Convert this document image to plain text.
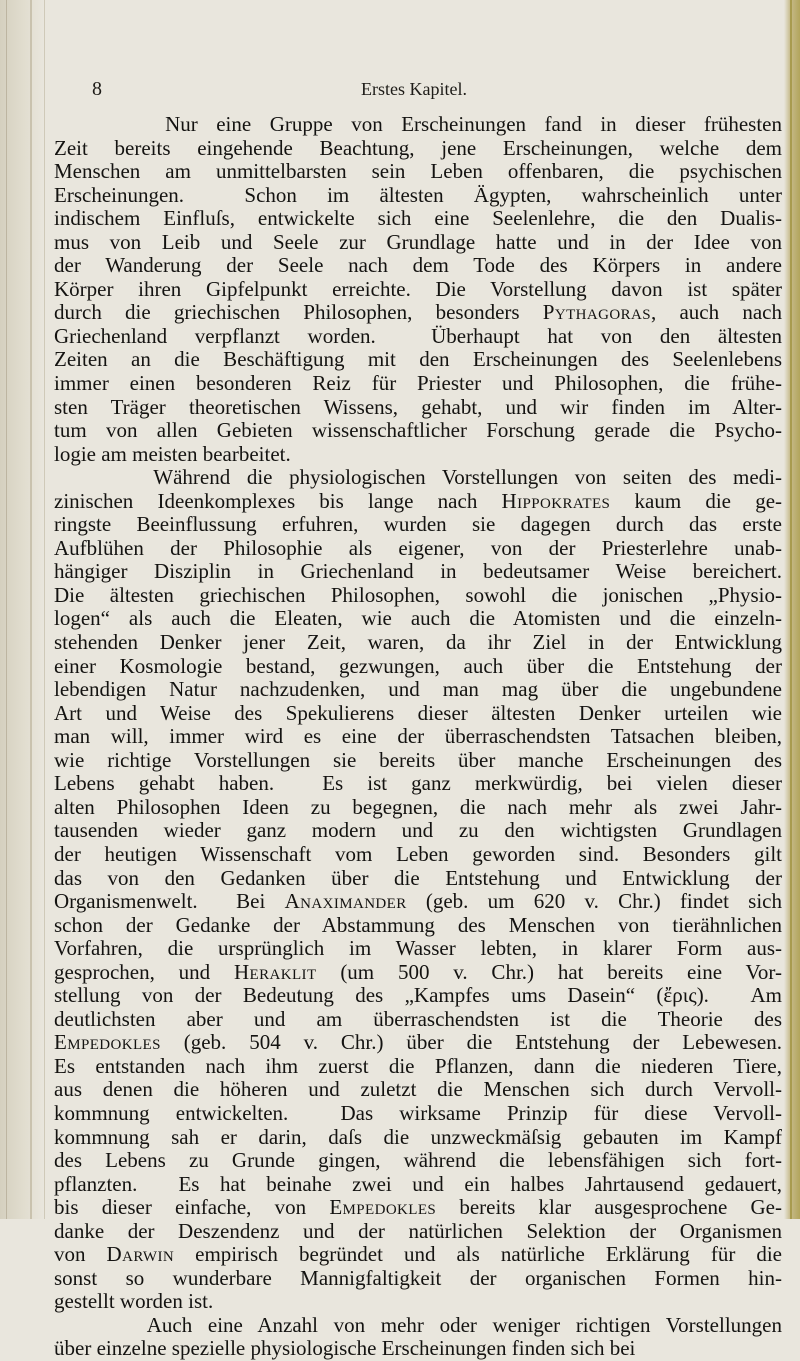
8	Erstes Kapitel.
Nur eine Gruppe von Erscheinungen fand in dieser frühesten
Zeit bereits eingehende Beachtung, jene Erscheinungen, welche dem
Menschen am unmittelbarsten sein Leben offenbaren, die psychischen
Erscheinungen.  Schon im ältesten Ägypten, wahrscheinlich unter
indischem Einfluſs, entwickelte sich eine Seelenlehre, die den Dualis-
mus von Leib und Seele zur Grundlage hatte und in der Idee von
der Wanderung der Seele nach dem Tode des Körpers in andere
Körper ihren Gipfelpunkt erreichte. Die Vorstellung davon ist später
durch die griechischen Philosophen, besonders Pythagoras, auch nach
Griechenland verpflanzt worden.  Überhaupt hat von den ältesten
Zeiten an die Beschäftigung mit den Erscheinungen des Seelenlebens
immer einen besonderen Reiz für Priester und Philosophen, die frühe-
sten Träger theoretischen Wissens, gehabt, und wir finden im Alter-
tum von allen Gebieten wissenschaftlicher Forschung gerade die Psycho-
logie am meisten bearbeitet.
Während die physiologischen Vorstellungen von seiten des medi-
zinischen Ideenkomplexes bis lange nach Hippokrates kaum die ge-
ringste Beeinflussung erfuhren, wurden sie dagegen durch das erste
Aufblühen der Philosophie als eigener, von der Priesterlehre unab-
hängiger Disziplin in Griechenland in bedeutsamer Weise bereichert.
Die ältesten griechischen Philosophen, sowohl die jonischen „Physio-
logen“ als auch die Eleaten, wie auch die Atomisten und die einzeln-
stehenden Denker jener Zeit, waren, da ihr Ziel in der Entwicklung
einer Kosmologie bestand, gezwungen, auch über die Entstehung der
lebendigen Natur nachzudenken, und man mag über die ungebundene
Art und Weise des Spekulierens dieser ältesten Denker urteilen wie
man will, immer wird es eine der überraschendsten Tatsachen bleiben,
wie richtige Vorstellungen sie bereits über manche Erscheinungen des
Lebens gehabt haben.  Es ist ganz merkwürdig, bei vielen dieser
alten Philosophen Ideen zu begegnen, die nach mehr als zwei Jahr-
tausenden wieder ganz modern und zu den wichtigsten Grundlagen
der heutigen Wissenschaft vom Leben geworden sind. Besonders gilt
das von den Gedanken über die Entstehung und Entwicklung der
Organismenwelt.  Bei Anaximander (geb. um 620 v. Chr.) findet sich
schon der Gedanke der Abstammung des Menschen von tierähnlichen
Vorfahren, die ursprünglich im Wasser lebten, in klarer Form aus-
gesprochen, und Heraklit (um 500 v. Chr.) hat bereits eine Vor-
stellung von der Bedeutung des „Kampfes ums Dasein“ (ἔρις).  Am
deutlichsten aber und am überraschendsten ist die Theorie des
Empedokles (geb. 504 v. Chr.) über die Entstehung der Lebewesen.
Es entstanden nach ihm zuerst die Pflanzen, dann die niederen Tiere,
aus denen die höheren und zuletzt die Menschen sich durch Vervoll-
kommnung entwickelten.  Das wirksame Prinzip für diese Vervoll-
kommnung sah er darin, daſs die unzweckmäſsig gebauten im Kampf
des Lebens zu Grunde gingen, während die lebensfähigen sich fort-
pflanzten.  Es hat beinahe zwei und ein halbes Jahrtausend gedauert,
bis dieser einfache, von Empedokles bereits klar ausgesprochene Ge-
danke der Deszendenz und der natürlichen Selektion der Organismen
von Darwin empirisch begründet und als natürliche Erklärung für die
sonst so wunderbare Mannigfaltigkeit der organischen Formen hin-
gestellt worden ist.
Auch eine Anzahl von mehr oder weniger richtigen Vorstellungen
über einzelne spezielle physiologische Erscheinungen finden sich bei
